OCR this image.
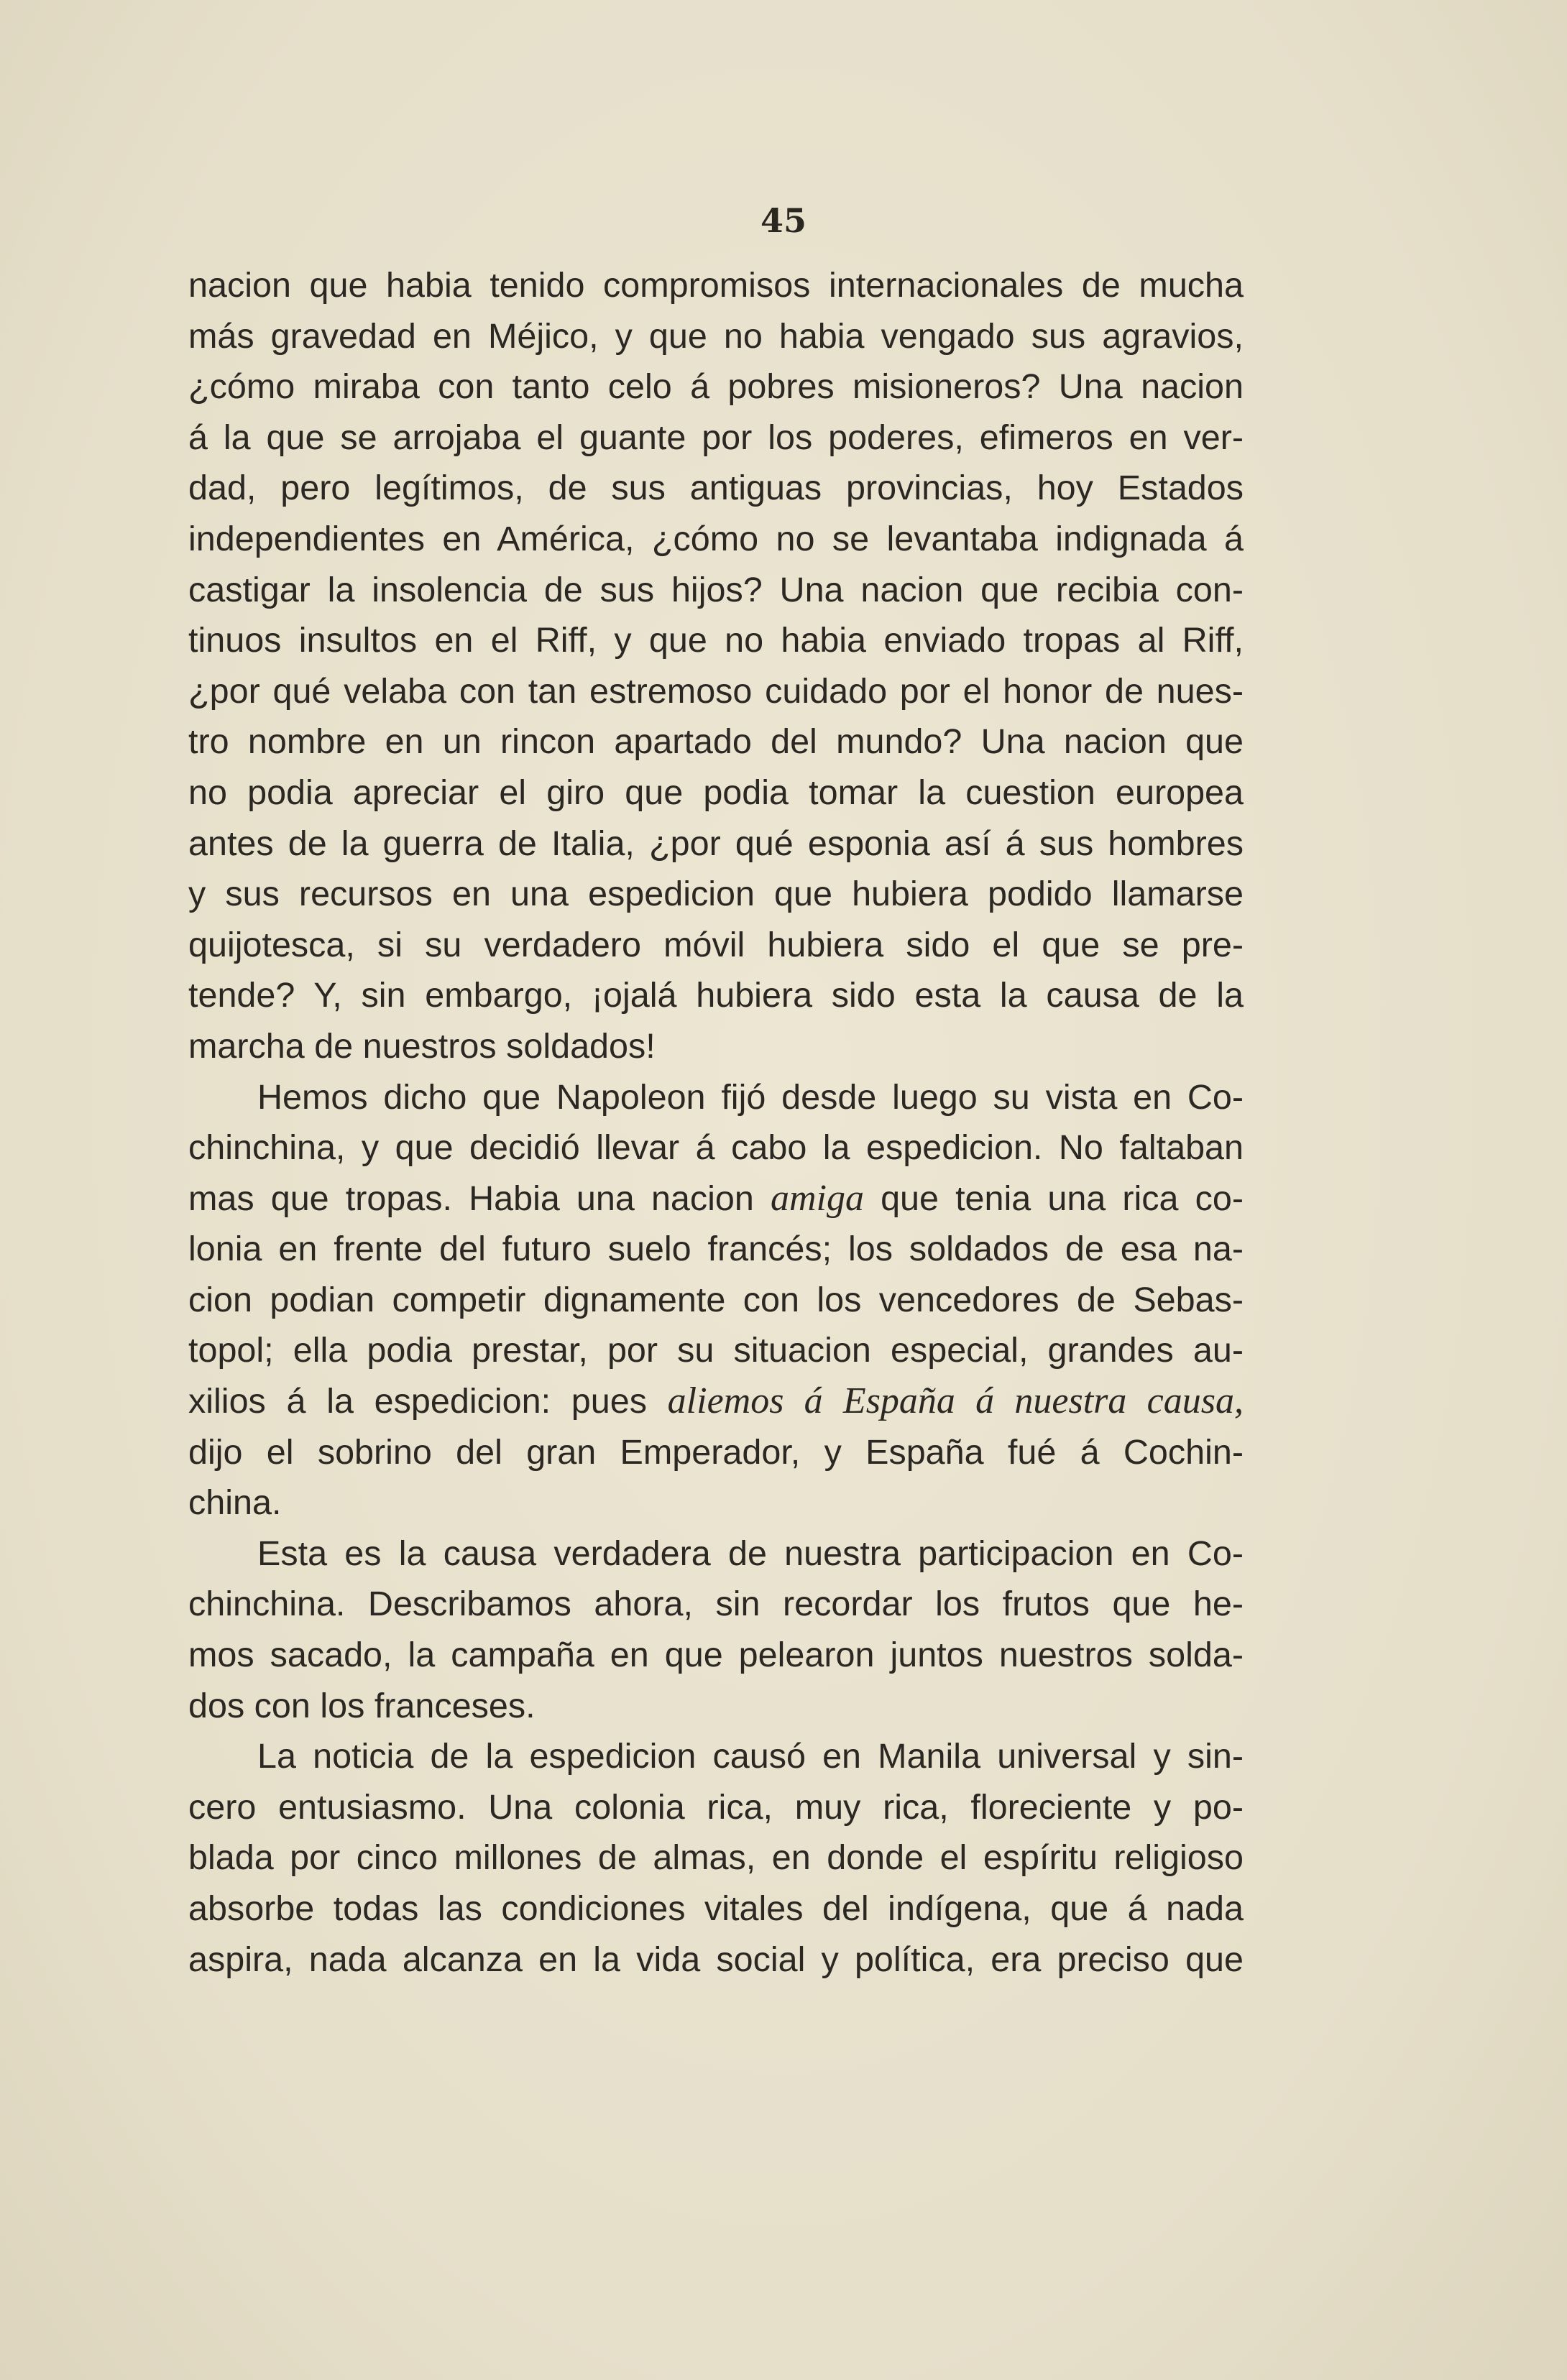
45

nacion que habia tenido compromisos internacionales de mucha
más gravedad en Méjico, y que no habia vengado sus agravios,
¿cómo miraba con tanto celo á pobres misioneros? Una nacion
á la que se arrojaba el guante por los poderes, efimeros en ver-
dad, pero legítimos, de sus antiguas provincias, hoy Estados
independientes en América, ¿cómo no se levantaba indignada á
castigar la insolencia de sus hijos? Una nacion que recibia con-
tinuos insultos en el Riff, y que no habia enviado tropas al Riff,
¿por qué velaba con tan estremoso cuidado por el honor de nues-
tro nombre en un rincon apartado del mundo? Una nacion que
no podia apreciar el giro que podia tomar la cuestion europea
antes de la guerra de Italia, ¿por qué esponia así á sus hombres
y sus recursos en una espedicion que hubiera podido llamarse
quijotesca, si su verdadero móvil hubiera sido el que se pre-
tende? Y, sin embargo, ¡ojalá hubiera sido esta la causa de la
marcha de nuestros soldados!

Hemos dicho que Napoleon fijó desde luego su vista en Co-
chinchina, y que decidió llevar á cabo la espedicion. No faltaban
mas que tropas. Habia una nacion amiga que tenia una rica co-
lonia en frente del futuro suelo francés; los soldados de esa na-
cion podian competir dignamente con los vencedores de Sebas-
topol; ella podia prestar, por su situacion especial, grandes au-
xilios á la espedicion: pues aliemos á España á nuestra causa,
dijo el sobrino del gran Emperador, y España fué á Cochin-
china.

Esta es la causa verdadera de nuestra participacion en Co-
chinchina. Describamos ahora, sin recordar los frutos que he-
mos sacado, la campaña en que pelearon juntos nuestros solda-
dos con los franceses.

La noticia de la espedicion causó en Manila universal y sin-
cero entusiasmo. Una colonia rica, muy rica, floreciente y po-
blada por cinco millones de almas, en donde el espíritu religioso
absorbe todas las condiciones vitales del indígena, que á nada
aspira, nada alcanza en la vida social y política, era preciso que
